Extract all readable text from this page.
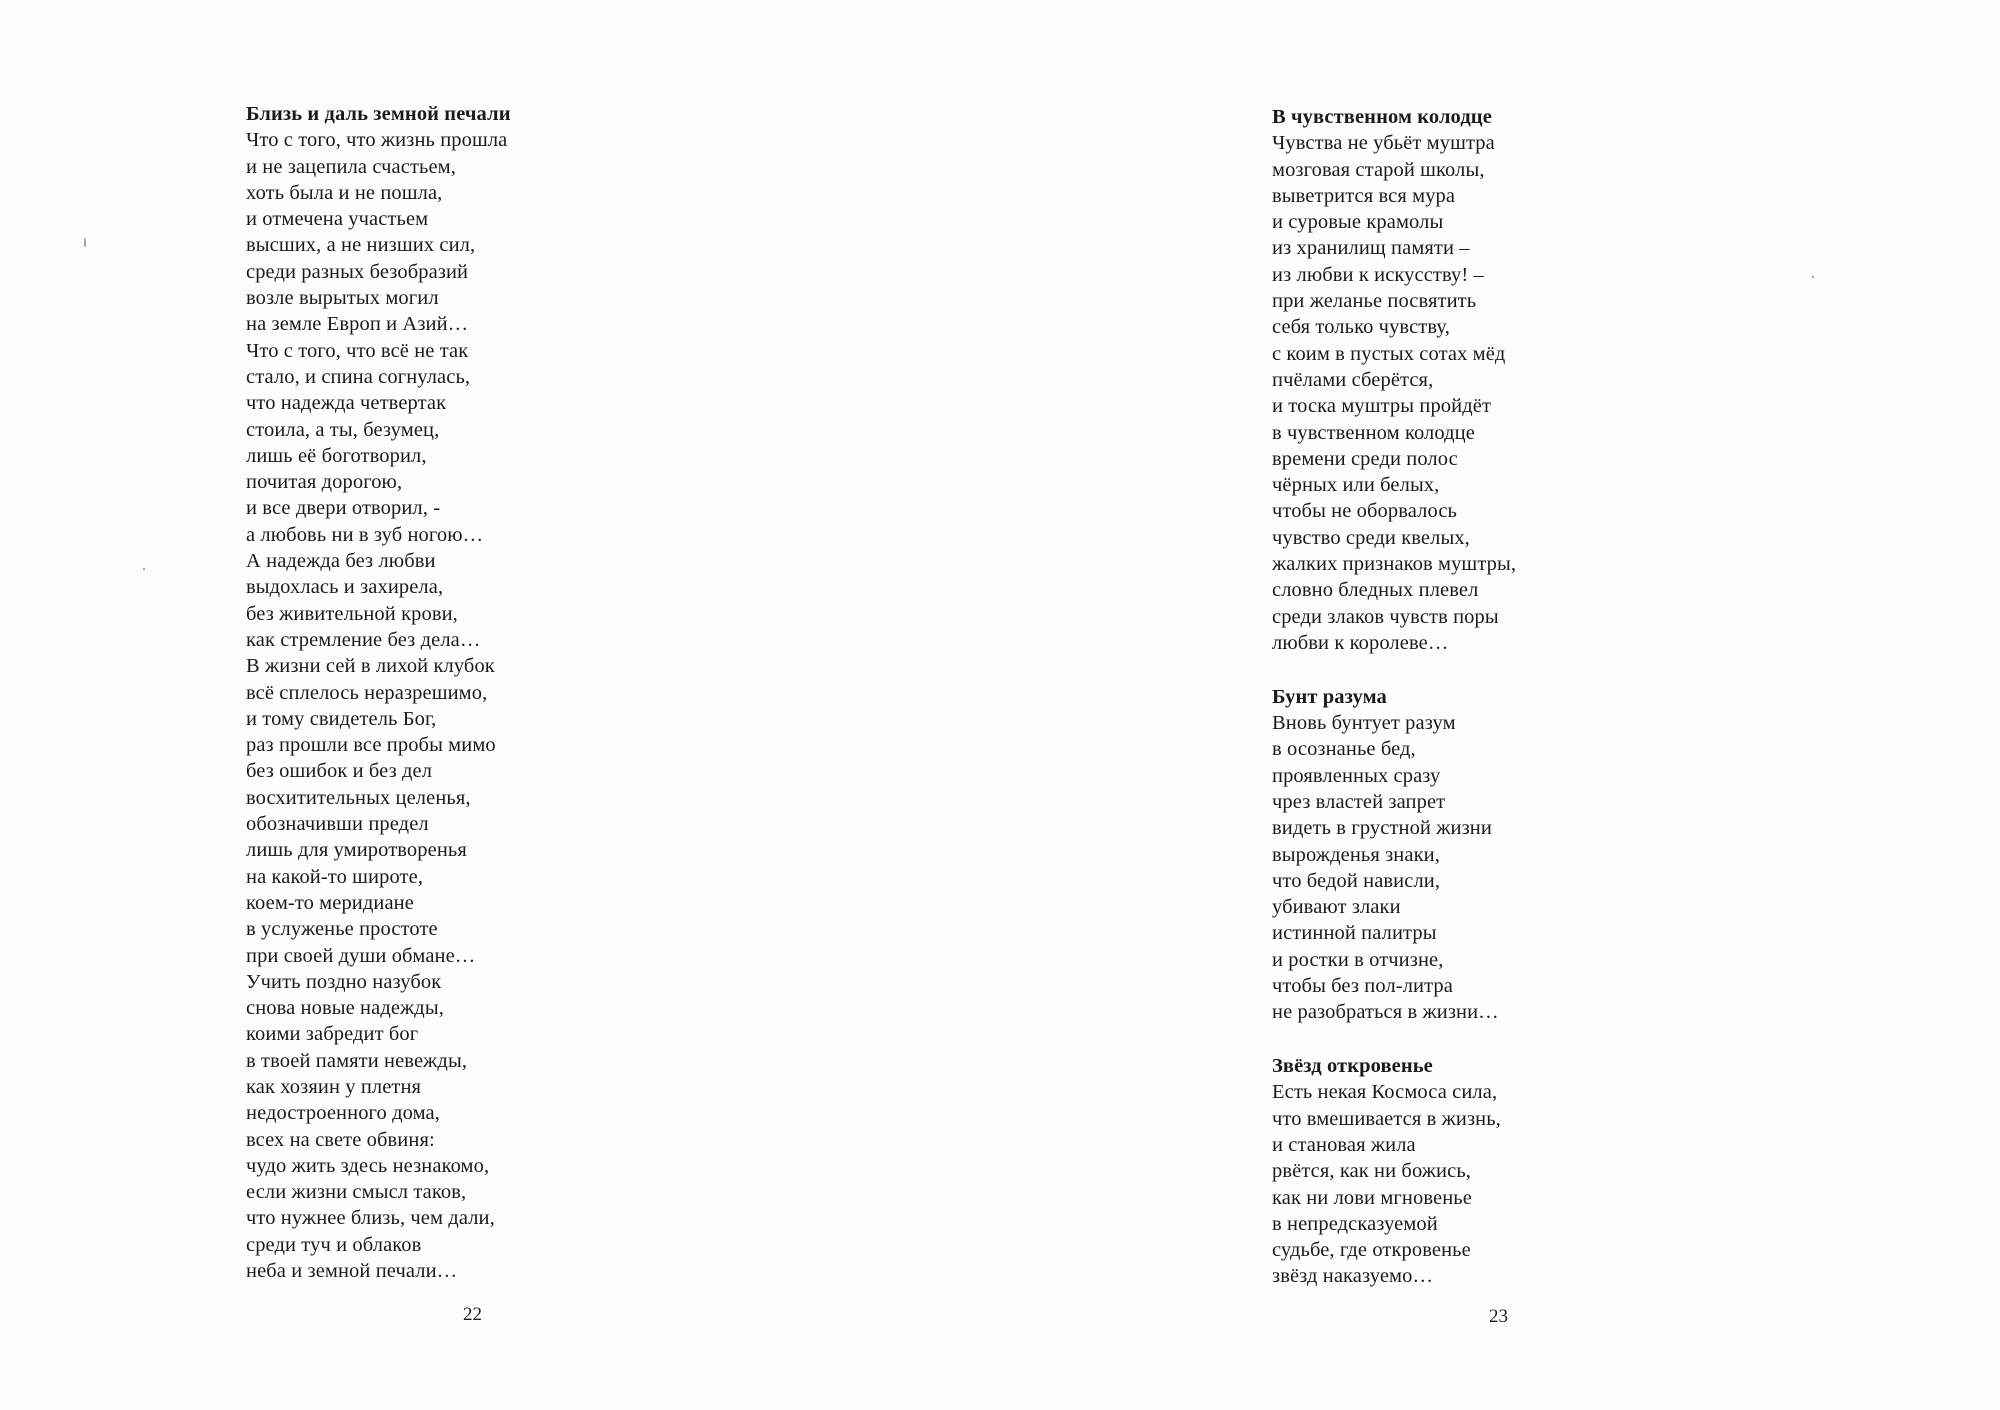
Близь и даль земной печали
Что с того, что жизнь прошла
и не зацепила счастьем,
хоть была и не пошла,
и отмечена участьем
высших, а не низших сил,
среди разных безобразий
возле вырытых могил
на земле Европ и Азий…
Что с того, что всё не так
стало, и спина согнулась,
что надежда четвертак
стоила, а ты, безумец,
лишь её боготворил,
почитая дорогою,
и все двери отворил, -
а любовь ни в зуб ногою…
А надежда без любви
выдохлась и захирела,
без живительной крови,
как стремление без дела…
В жизни сей в лихой клубок
всё сплелось неразрешимо,
и тому свидетель Бог,
раз прошли все пробы мимо
без ошибок и без дел
восхитительных целенья,
обозначивши предел
лишь для умиротворенья
на какой-то широте,
коем-то меридиане
в услуженье простоте
при своей души обмане…
Учить поздно назубок
снова новые надежды,
коими забредит бог
в твоей памяти невежды,
как хозяин у плетня
недостроенного дома,
всех на свете обвиня:
чудо жить здесь незнакомо,
если жизни смысл таков,
что нужнее близь, чем дали,
среди туч и облаков
неба и земной печали…
22
В чувственном колодце
Чувства не убьёт муштра
мозговая старой школы,
выветрится вся мура
и суровые крамолы
из хранилищ памяти –
из любви к искусству! –
при желанье посвятить
себя только чувству,
с коим в пустых сотах мёд
пчёлами сберётся,
и тоска муштры пройдёт
в чувственном колодце
времени среди полос
чёрных или белых,
чтобы не оборвалось
чувство среди квелых,
жалких признаков муштры,
словно бледных плевел
среди злаков чувств поры
любви к королеве…
Бунт разума
Вновь бунтует разум
в осознанье бед,
проявленных сразу
чрез властей запрет
видеть в грустной жизни
вырожденья знаки,
что бедой нависли,
убивают злаки
истинной палитры
и ростки в отчизне,
чтобы без пол-литра
не разобраться в жизни…
Звёзд откровенье
Есть некая Космоса сила,
что вмешивается в жизнь,
и становая жила
рвётся, как ни божись,
как ни лови мгновенье
в непредсказуемой
судьбе, где откровенье
звёзд наказуемо…
23
